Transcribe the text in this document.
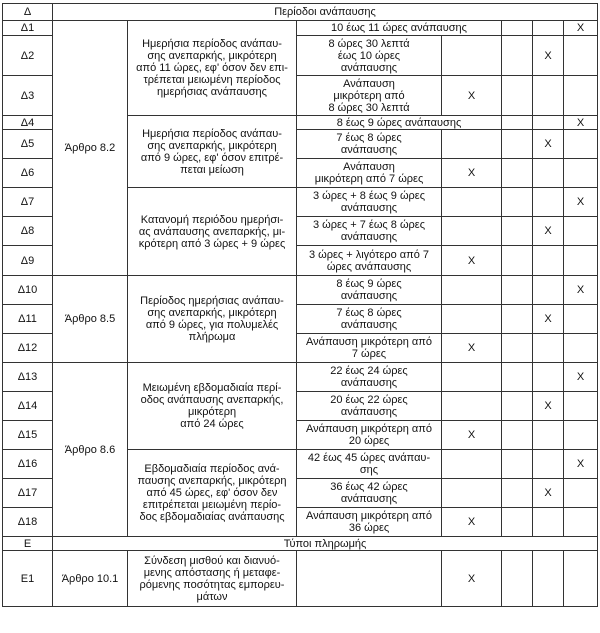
Δ	Περίοδοι ανάπαυσης						
Δ1	Άρθρο 8.2	Ημερήσια περίοδος ανάπαυ-
σης ανεπαρκής, μικρότερη
από 11 ώρες, εφ' όσον δεν επι-
τρέπεται μειωμένη περίοδος
ημερήσιας ανάπαυσης	10 έως 11 ώρες ανάπαυσης				X
Δ2			8 ώρες 30 λεπτά
έως 10 ώρες
ανάπαυσης			X	
Δ3			Ανάπαυση
μικρότερη από
8 ώρες 30 λεπτά	X			
Δ4		Ημερήσια περίοδος ανάπαυ-
σης ανεπαρκής, μικρότερη
από 9 ώρες, εφ' όσον επιτρέ-
πεται μείωση	8 έως 9 ώρες ανάπαυσης				X
Δ5			7 έως 8 ώρες
ανάπαυσης			X	
Δ6			Ανάπαυση
μικρότερη από 7 ώρες	X			
Δ7		Κατανομή περιόδου ημερήσι-
ας ανάπαυσης ανεπαρκής, μι-
κρότερη από 3 ώρες + 9 ώρες	3 ώρες + 8 έως 9 ώρες
ανάπαυσης				X
Δ8			3 ώρες + 7 έως 8 ώρες
ανάπαυσης			X	
Δ9			3 ώρες + λιγότερο από 7
ώρες ανάπαυσης	X			
Δ10	Άρθρο 8.5	Περίοδος ημερήσιας ανάπαυ-
σης ανεπαρκής, μικρότερη
από 9 ώρες, για πολυμελές
πλήρωμα	8 έως 9 ώρες
ανάπαυσης				X
Δ11			7 έως 8 ώρες
ανάπαυσης			X	
Δ12			Ανάπαυση μικρότερη από
7 ώρες	X			
Δ13	Άρθρο 8.6	Μειωμένη εβδομαδιαία περί-
οδος ανάπαυσης ανεπαρκής,
μικρότερη
από 24 ώρες	22 έως 24 ώρες
ανάπαυσης				X
Δ14			20 έως 22 ώρες
ανάπαυσης			X	
Δ15			Ανάπαυση μικρότερη από
20 ώρες	X			
Δ16		Εβδομαδιαία περίοδος ανά-
παυσης ανεπαρκής, μικρότερη
από 45 ώρες, εφ' όσον δεν
επιτρέπεται μειωμένη περίο-
δος εβδομαδιαίας ανάπαυσης	42 έως 45 ώρες ανάπαυ-
σης				X
Δ17			36 έως 42 ώρες
ανάπαυσης			X	
Δ18			Ανάπαυση μικρότερη από
36 ώρες	X			
Ε	Τύποι πληρωμής						
Ε1	Άρθρο 10.1	Σύνδεση μισθού και διανυό-
μενης απόστασης ή μεταφε-
ρόμενης ποσότητας εμπορευ-
μάτων		X			
